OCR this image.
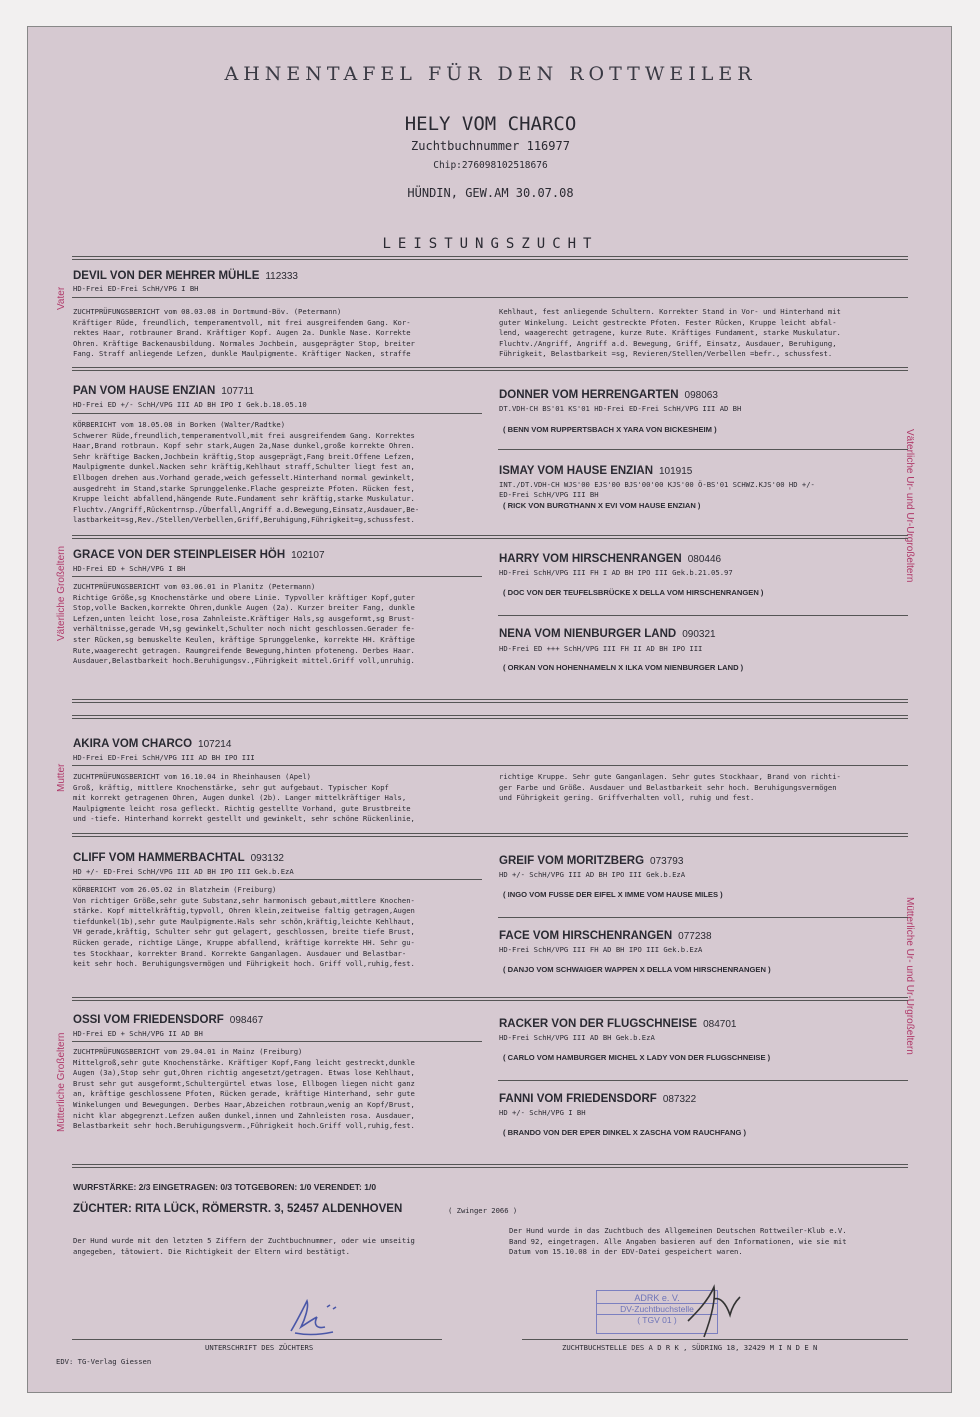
AHNENTAFEL FÜR DEN ROTTWEILER
HELY VOM CHARCO
Zuchtbuchnummer 116977
Chip:276098102518676
HÜNDIN, GEW.AM 30.07.08
LEISTUNGSZUCHT
Vater
Väterliche Großeltern
Väterliche Ur- und Ur-Urgroßeltern
Mutter
Mütterliche Großeltern
Mütterliche Ur- und Ur-Urgroßeltern
DEVIL VON DER MEHRER MÜHLE 112333
HD-Frei ED-Frei SchH/VPG I BH
ZUCHTPRÜFUNGSBERICHT vom 08.03.08 in Dortmund-Böv. (Petermann)
Kräftiger Rüde, freundlich, temperamentvoll, mit frei ausgreifendem Gang. Kor-
rektes Haar, rotbrauner Brand. Kräftiger Kopf. Augen 2a. Dunkle Nase. Korrekte
Ohren. Kräftige Backenausbildung. Normales Jochbein, ausgeprägter Stop, breiter
Fang. Straff anliegende Lefzen, dunkle Maulpigmente. Kräftiger Nacken, straffe
Kehlhaut, fest anliegende Schultern. Korrekter Stand in Vor- und Hinterhand mit
guter Winkelung. Leicht gestreckte Pfoten. Fester Rücken, Kruppe leicht abfal-
lend, waagerecht getragene, kurze Rute. Kräftiges Fundament, starke Muskulatur.
Fluchtv./Angriff, Angriff a.d. Bewegung, Griff, Einsatz, Ausdauer, Beruhigung,
Führigkeit, Belastbarkeit =sg, Revieren/Stellen/Verbellen =befr., schussfest.
PAN VOM HAUSE ENZIAN 107711
HD-Frei ED +/- SchH/VPG III AD BH IPO I Gek.b.18.05.10
KÖRBERICHT vom 18.05.08 in Borken (Walter/Radtke)
Schwerer Rüde,freundlich,temperamentvoll,mit frei ausgreifendem Gang. Korrektes
Haar,Brand rotbraun. Kopf sehr stark,Augen 2a,Nase dunkel,große korrekte Ohren.
Sehr kräftige Backen,Jochbein kräftig,Stop ausgeprägt,Fang breit.Offene Lefzen,
Maulpigmente dunkel.Nacken sehr kräftig,Kehlhaut straff,Schulter liegt fest an,
Ellbogen drehen aus.Vorhand gerade,weich gefesselt.Hinterhand normal gewinkelt,
ausgedreht im Stand,starke Sprunggelenke.Flache gespreizte Pfoten. Rücken fest,
Kruppe leicht abfallend,hängende Rute.Fundament sehr kräftig,starke Muskulatur.
Fluchtv./Angriff,Rückentrnsp./Überfall,Angriff a.d.Bewegung,Einsatz,Ausdauer,Be-
lastbarkeit=sg,Rev./Stellen/Verbellen,Griff,Beruhigung,Führigkeit=g,schussfest.
DONNER VOM HERRENGARTEN 098063
DT.VDH-CH BS'01 KS'01 HD-Frei ED-Frei SchH/VPG III AD BH
( BENN VOM RUPPERTSBACH X YARA VON BICKESHEIM )
ISMAY VOM HAUSE ENZIAN 101915
INT./DT.VDH-CH WJS'00 EJS'00 BJS'00'00 KJS'00 Ö-BS'01 SCHWZ.KJS'00 HD +/-
ED-Frei SchH/VPG III BH
( RICK VON BURGTHANN X EVI VOM HAUSE ENZIAN )
GRACE VON DER STEINPLEISER HÖH 102107
HD-Frei ED + SchH/VPG I BH
ZUCHTPRÜFUNGSBERICHT vom 03.06.01 in Planitz (Petermann)
Richtige Größe,sg Knochenstärke und obere Linie. Typvoller kräftiger Kopf,guter
Stop,volle Backen,korrekte Ohren,dunkle Augen (2a). Kurzer breiter Fang, dunkle
Lefzen,unten leicht lose,rosa Zahnleiste.Kräftiger Hals,sg ausgeformt,sg Brust-
verhältnisse,gerade VH,sg gewinkelt,Schulter noch nicht geschlossen.Gerader fe-
ster Rücken,sg bemuskelte Keulen, kräftige Sprunggelenke, korrekte HH. Kräftige
Rute,waagerecht getragen. Raumgreifende Bewegung,hinten pfoteneng. Derbes Haar.
Ausdauer,Belastbarkeit hoch.Beruhigungsv.,Führigkeit mittel.Griff voll,unruhig.
HARRY VOM HIRSCHENRANGEN 080446
HD-Frei SchH/VPG III FH I AD BH IPO III Gek.b.21.05.97
( DOC VON DER TEUFELSBRÜCKE X DELLA VOM HIRSCHENRANGEN )
NENA VOM NIENBURGER LAND 090321
HD-Frei ED +++ SchH/VPG III FH II AD BH IPO III
( ORKAN VON HOHENHAMELN X ILKA VOM NIENBURGER LAND )
AKIRA VOM CHARCO 107214
HD-Frei ED-Frei SchH/VPG III AD BH IPO III
ZUCHTPRÜFUNGSBERICHT vom 16.10.04 in Rheinhausen (Apel)
Groß, kräftig, mittlere Knochenstärke, sehr gut aufgebaut. Typischer Kopf
mit korrekt getragenen Ohren, Augen dunkel (2b). Langer mittelkräftiger Hals,
Maulpigmente leicht rosa gefleckt. Richtig gestellte Vorhand, gute Brustbreite
und -tiefe. Hinterhand korrekt gestellt und gewinkelt, sehr schöne Rückenlinie,
richtige Kruppe. Sehr gute Ganganlagen. Sehr gutes Stockhaar, Brand von richti-
ger Farbe und Größe. Ausdauer und Belastbarkeit sehr hoch. Beruhigungsvermögen
und Führigkeit gering. Griffverhalten voll, ruhig und fest.
CLIFF VOM HAMMERBACHTAL 093132
HD +/- ED-Frei SchH/VPG III AD BH IPO III Gek.b.EzA
KÖRBERICHT vom 26.05.02 in Blatzheim (Freiburg)
Von richtiger Größe,sehr gute Substanz,sehr harmonisch gebaut,mittlere Knochen-
stärke. Kopf mittelkräftig,typvoll, Ohren klein,zeitweise faltig getragen,Augen
tiefdunkel(1b),sehr gute Maulpigmente.Hals sehr schön,kräftig,leichte Kehlhaut,
VH gerade,kräftig, Schulter sehr gut gelagert, geschlossen, breite tiefe Brust,
Rücken gerade, richtige Länge, Kruppe abfallend, kräftige korrekte HH. Sehr gu-
tes Stockhaar, korrekter Brand. Korrekte Ganganlagen. Ausdauer und Belastbar-
keit sehr hoch. Beruhigungsvermögen und Führigkeit hoch. Griff voll,ruhig,fest.
GREIF VOM MORITZBERG 073793
HD +/- SchH/VPG III AD BH IPO III Gek.b.EzA
( INGO VOM FUSSE DER EIFEL X IMME VOM HAUSE MILES )
FACE VOM HIRSCHENRANGEN 077238
HD-Frei SchH/VPG III FH AD BH IPO III Gek.b.EzA
( DANJO VOM SCHWAIGER WAPPEN X DELLA VOM HIRSCHENRANGEN )
OSSI VOM FRIEDENSDORF 098467
HD-Frei ED + SchH/VPG II AD BH
ZUCHTPRÜFUNGSBERICHT vom 29.04.01 in Mainz (Freiburg)
Mittelgroß,sehr gute Knochenstärke. Kräftiger Kopf,Fang leicht gestreckt,dunkle
Augen (3a),Stop sehr gut,Ohren richtig angesetzt/getragen. Etwas lose Kehlhaut,
Brust sehr gut ausgeformt,Schultergürtel etwas lose, Ellbogen liegen nicht ganz
an, kräftige geschlossene Pfoten, Rücken gerade, kräftige Hinterhand, sehr gute
Winkelungen und Bewegungen. Derbes Haar,Abzeichen rotbraun,wenig an Kopf/Brust,
nicht klar abgegrenzt.Lefzen außen dunkel,innen und Zahnleisten rosa. Ausdauer,
Belastbarkeit sehr hoch.Beruhigungsverm.,Führigkeit hoch.Griff voll,ruhig,fest.
RACKER VON DER FLUGSCHNEISE 084701
HD-Frei SchH/VPG III AD BH Gek.b.EzA
( CARLO VOM HAMBURGER MICHEL X LADY VON DER FLUGSCHNEISE )
FANNI VOM FRIEDENSDORF 087322
HD +/- SchH/VPG I BH
( BRANDO VON DER EPER DINKEL X ZASCHA VOM RAUCHFANG )
WURFSTÄRKE: 2/3 EINGETRAGEN: 0/3 TOTGEBOREN: 1/0 VERENDET: 1/0
ZÜCHTER: RITA LÜCK, RÖMERSTR. 3, 52457 ALDENHOVEN	( Zwinger 2066 )
Der Hund wurde mit den letzten 5 Ziffern der Zuchtbuchnummer, oder wie umseitig
angegeben, tätowiert. Die Richtigkeit der Eltern wird bestätigt.
Der Hund wurde in das Zuchtbuch des Allgemeinen Deutschen Rottweiler-Klub e.V.
Band 92, eingetragen. Alle Angaben basieren auf den Informationen, wie sie mit
Datum vom 15.10.08 in der EDV-Datei gespeichert waren.
UNTERSCHRIFT DES ZÜCHTERS
ADRK e. V.
DV-Zuchtbuchstelle
( TGV 01 )
ZUCHTBUCHSTELLE DES A D R K , SÜDRING 18, 32429 M I N D E N
EDV: TG-Verlag Giessen
